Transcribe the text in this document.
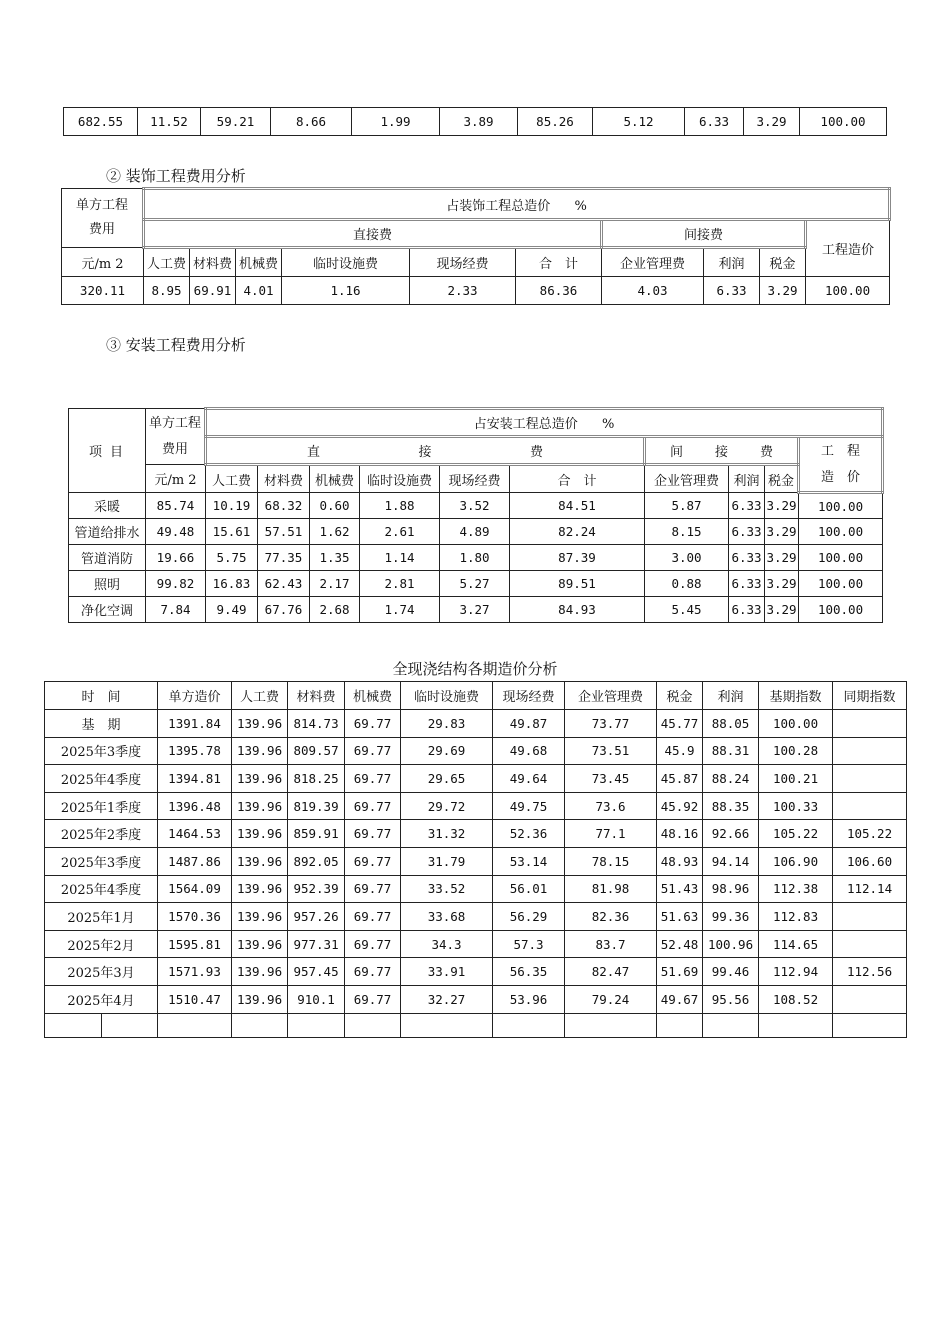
682.55	11.52	59.21	8.66	1.99	3.89	85.26	5.12	6.33	3.29	100.00
② 装饰工程费用分析
单方工程
费用	占装饰工程总造价 %									
	直接费						间接费			工程造价
元/m 2	人工费	材料费	机械费	临时设施费	现场经费	合　计	企业管理费	利润	税金	
320.11	8.95	69.91	4.01	1.16	2.33	86.36	4.03	6.33	3.29	100.00
③ 安装工程费用分析
项 目	单方工程
费用	占安装工程总造价 %									
		直 接 费						间 接 费			工　程
造　价
	元/m 2	人工费	材料费	机械费	临时设施费	现场经费	合　计	企业管理费	利润	税金	
采暖	85.74	10.19	68.32	0.60	1.88	3.52	84.51	5.87	6.33	3.29	100.00
管道给排水	49.48	15.61	57.51	1.62	2.61	4.89	82.24	8.15	6.33	3.29	100.00
管道消防	19.66	5.75	77.35	1.35	1.14	1.80	87.39	3.00	6.33	3.29	100.00
照明	99.82	16.83	62.43	2.17	2.81	5.27	89.51	0.88	6.33	3.29	100.00
净化空调	7.84	9.49	67.76	2.68	1.74	3.27	84.93	5.45	6.33	3.29	100.00
全现浇结构各期造价分析
时　间		单方造价	人工费	材料费	机械费	临时设施费	现场经费	企业管理费	税金	利润	基期指数	同期指数
基　期		1391.84	139.96	814.73	69.77	29.83	49.87	73.77	45.77	88.05	100.00	
2025年3季度		1395.78	139.96	809.57	69.77	29.69	49.68	73.51	45.9	88.31	100.28	
2025年4季度		1394.81	139.96	818.25	69.77	29.65	49.64	73.45	45.87	88.24	100.21	
2025年1季度		1396.48	139.96	819.39	69.77	29.72	49.75	73.6	45.92	88.35	100.33	
2025年2季度		1464.53	139.96	859.91	69.77	31.32	52.36	77.1	48.16	92.66	105.22	105.22
2025年3季度		1487.86	139.96	892.05	69.77	31.79	53.14	78.15	48.93	94.14	106.90	106.60
2025年4季度		1564.09	139.96	952.39	69.77	33.52	56.01	81.98	51.43	98.96	112.38	112.14
2025年1月		1570.36	139.96	957.26	69.77	33.68	56.29	82.36	51.63	99.36	112.83	
2025年2月		1595.81	139.96	977.31	69.77	34.3	57.3	83.7	52.48	100.96	114.65	
2025年3月		1571.93	139.96	957.45	69.77	33.91	56.35	82.47	51.69	99.46	112.94	112.56
2025年4月		1510.47	139.96	910.1	69.77	32.27	53.96	79.24	49.67	95.56	108.52	
